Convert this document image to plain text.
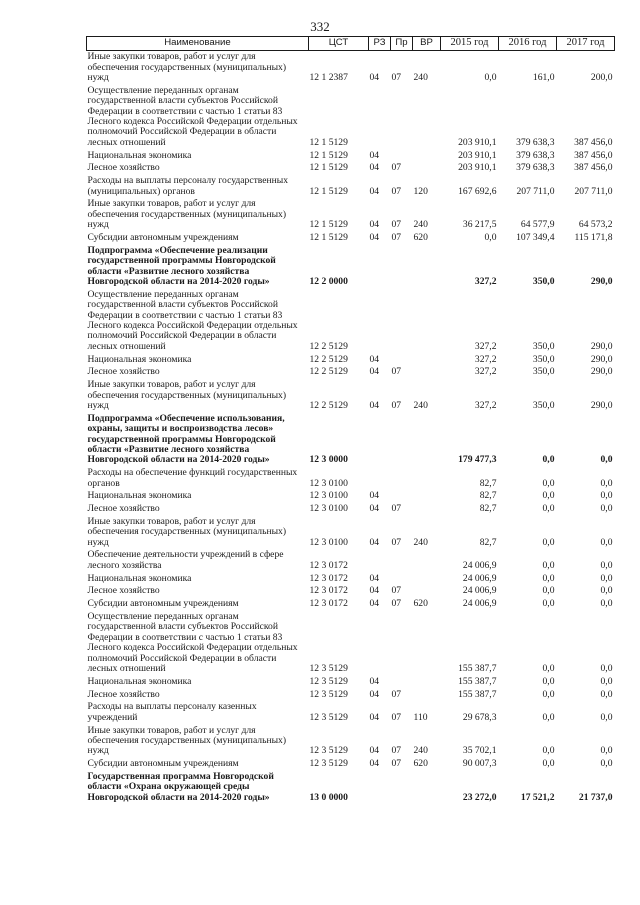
332
Наименование	ЦСТ	РЗ	Пр	ВР	2015 год	2016 год	2017 год
Иные закупки товаров, работ и услуг для обеспечения государственных (муниципальных) нужд	12 1 2387	04	07	240	0,0	161,0	200,0
Осуществление переданных органам государственной власти субъектов Российской Федерации в соответствии с частью 1 статьи 83 Лесного кодекса Российской Федерации отдельных полномочий Российской Федерации в области лесных отношений	12 1 5129				203 910,1	379 638,3	387 456,0
Национальная экономика	12 1 5129	04			203 910,1	379 638,3	387 456,0
Лесное хозяйство	12 1 5129	04	07		203 910,1	379 638,3	387 456,0
Расходы на выплаты персоналу государственных (муниципальных) органов	12 1 5129	04	07	120	167 692,6	207 711,0	207 711,0
Иные закупки товаров, работ и услуг для обеспечения государственных (муниципальных) нужд	12 1 5129	04	07	240	36 217,5	64 577,9	64 573,2
Субсидии автономным учреждениям	12 1 5129	04	07	620	0,0	107 349,4	115 171,8
Подпрограмма «Обеспечение реализации государственной программы Новгородской области «Развитие лесного хозяйства Новгородской области на 2014-2020 годы»	12 2 0000				327,2	350,0	290,0
Осуществление переданных органам государственной власти субъектов Российской Федерации в соответствии с частью 1 статьи 83 Лесного кодекса Российской Федерации отдельных полномочий Российской Федерации в области лесных отношений	12 2 5129				327,2	350,0	290,0
Национальная экономика	12 2 5129	04			327,2	350,0	290,0
Лесное хозяйство	12 2 5129	04	07		327,2	350,0	290,0
Иные закупки товаров, работ и услуг для обеспечения государственных (муниципальных) нужд	12 2 5129	04	07	240	327,2	350,0	290,0
Подпрограмма «Обеспечение использования, охраны, защиты и воспроизводства лесов» государственной программы Новгородской области «Развитие лесного хозяйства Новгородской области на 2014-2020 годы»	12 3 0000				179 477,3	0,0	0,0
Расходы на обеспечение функций государственных органов	12 3 0100				82,7	0,0	0,0
Национальная экономика	12 3 0100	04			82,7	0,0	0,0
Лесное хозяйство	12 3 0100	04	07		82,7	0,0	0,0
Иные закупки товаров, работ и услуг для обеспечения государственных (муниципальных) нужд	12 3 0100	04	07	240	82,7	0,0	0,0
Обеспечение деятельности учреждений в сфере лесного хозяйства	12 3 0172				24 006,9	0,0	0,0
Национальная экономика	12 3 0172	04			24 006,9	0,0	0,0
Лесное хозяйство	12 3 0172	04	07		24 006,9	0,0	0,0
Субсидии автономным учреждениям	12 3 0172	04	07	620	24 006,9	0,0	0,0
Осуществление переданных органам государственной власти субъектов Российской Федерации в соответствии с частью 1 статьи 83 Лесного кодекса Российской Федерации отдельных полномочий Российской Федерации в области лесных отношений	12 3 5129				155 387,7	0,0	0,0
Национальная экономика	12 3 5129	04			155 387,7	0,0	0,0
Лесное хозяйство	12 3 5129	04	07		155 387,7	0,0	0,0
Расходы на выплаты персоналу казенных учреждений	12 3 5129	04	07	110	29 678,3	0,0	0,0
Иные закупки товаров, работ и услуг для обеспечения государственных (муниципальных) нужд	12 3 5129	04	07	240	35 702,1	0,0	0,0
Субсидии автономным учреждениям	12 3 5129	04	07	620	90 007,3	0,0	0,0
Государственная программа Новгородской области «Охрана окружающей среды Новгородской области на 2014-2020 годы»	13 0 0000				23 272,0	17 521,2	21 737,0
